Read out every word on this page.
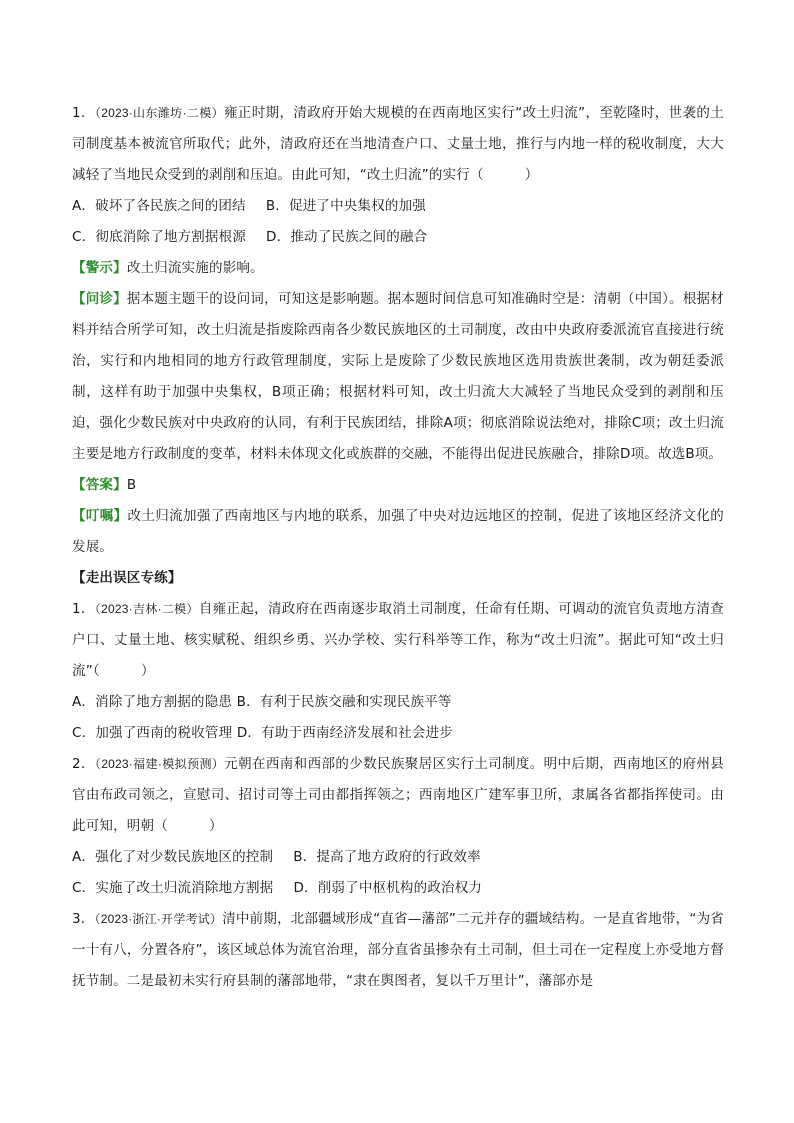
1．（2023·山东潍坊·二模）雍正时期，清政府开始大规模的在西南地区实行“改土归流”，至乾隆时，世袭的土司制度基本被流官所取代；此外，清政府还在当地清查户口、丈量土地，推行与内地一样的税收制度，大大减轻了当地民众受到的剥削和压迫。由此可知，“改土归流”的实行（　　　）

A．破坏了各民族之间的团结 B．促进了中央集权的加强

C．彻底消除了地方割据根源 D．推动了民族之间的融合

【警示】改土归流实施的影响。

【问诊】据本题主题干的设问词，可知这是影响题。据本题时间信息可知准确时空是：清朝（中国）。根据材料并结合所学可知，改土归流是指废除西南各少数民族地区的土司制度，改由中央政府委派流官直接进行统治，实行和内地相同的地方行政管理制度，实际上是废除了少数民族地区选用贵族世袭制，改为朝廷委派制，这样有助于加强中央集权，B项正确；根据材料可知，改土归流大大减轻了当地民众受到的剥削和压迫，强化少数民族对中央政府的认同，有利于民族团结，排除A项；彻底消除说法绝对，排除C项；改土归流主要是地方行政制度的变革，材料未体现文化或族群的交融，不能得出促进民族融合，排除D项。故选B项。

【答案】B

【叮嘱】改土归流加强了西南地区与内地的联系，加强了中央对边远地区的控制，促进了该地区经济文化的发展。

【走出误区专练】

1．（2023·吉林·二模）自雍正起，清政府在西南逐步取消土司制度，任命有任期、可调动的流官负责地方清查户口、丈量土地、核实赋税、组织乡勇、兴办学校、实行科举等工作，称为“改土归流”。据此可知“改土归流”（　　　）

A．消除了地方割据的隐患 B．有利于民族交融和实现民族平等

C．加强了西南的税收管理 D．有助于西南经济发展和社会进步

2．（2023·福建·模拟预测）元朝在西南和西部的少数民族聚居区实行土司制度。明中后期，西南地区的府州县官由布政司领之，宣慰司、招讨司等土司由都指挥领之；西南地区广建军事卫所，隶属各省都指挥使司。由此可知，明朝（　　　）

A．强化了对少数民族地区的控制 B．提高了地方政府的行政效率

C．实施了改土归流消除地方割据 D．削弱了中枢机构的政治权力

3．（2023·浙江·开学考试）清中前期，北部疆域形成“直省—藩部”二元并存的疆域结构。一是直省地带，“为省一十有八，分置各府”，该区域总体为流官治理，部分直省虽掺杂有土司制，但土司在一定程度上亦受地方督抚节制。二是最初未实行府县制的藩部地带，“隶在舆图者，复以千万里计”，藩部亦是
